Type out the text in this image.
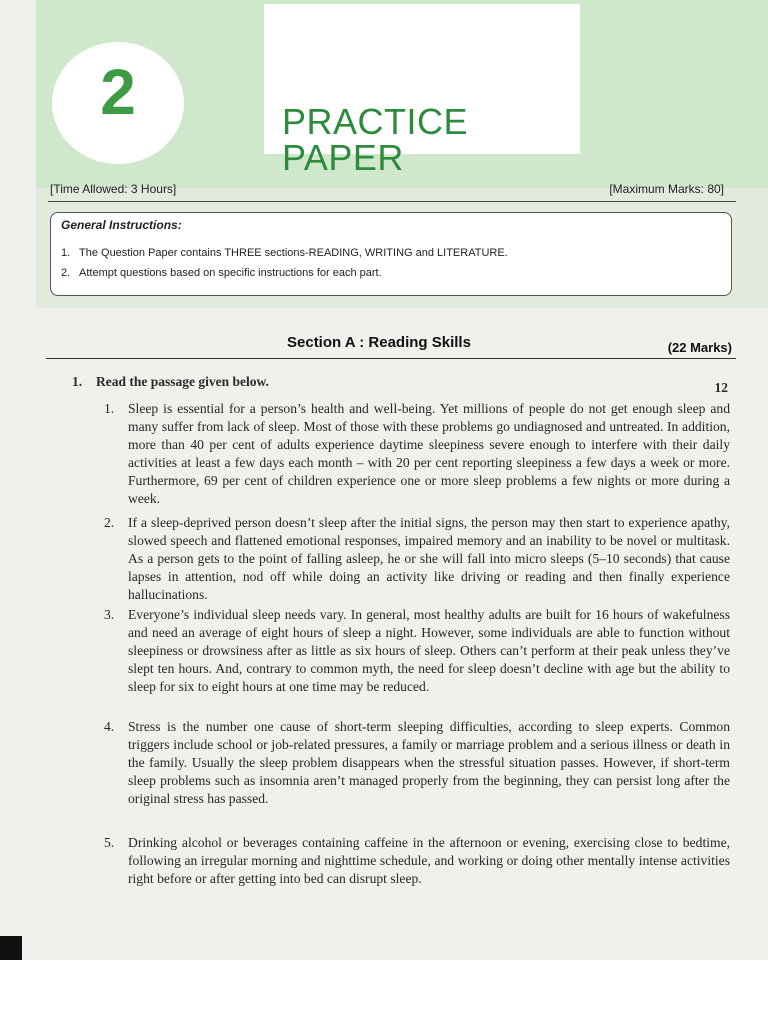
2	PRACTICE PAPER
[Time Allowed: 3 Hours]	[Maximum Marks: 80]
General Instructions:
1. The Question Paper contains THREE sections-READING, WRITING and LITERATURE.
2. Attempt questions based on specific instructions for each part.
Section A : Reading Skills	(22 Marks)
1. Read the passage given below.	12
1.	Sleep is essential for a person’s health and well-being. Yet millions of people do not get enough sleep and many suffer from lack of sleep. Most of those with these problems go undiagnosed and untreated. In addition, more than 40 per cent of adults experience daytime sleepiness severe enough to interfere with their daily activities at least a few days each month – with 20 per cent reporting sleepiness a few days a week or more. Furthermore, 69 per cent of children experience one or more sleep problems a few nights or more during a week.
2.	If a sleep-deprived person doesn’t sleep after the initial signs, the person may then start to experience apathy, slowed speech and flattened emotional responses, impaired memory and an inability to be novel or multitask. As a person gets to the point of falling asleep, he or she will fall into micro sleeps (5–10 seconds) that cause lapses in attention, nod off while doing an activity like driving or reading and then finally experience hallucinations.
3.	Everyone’s individual sleep needs vary. In general, most healthy adults are built for 16 hours of wakefulness and need an average of eight hours of sleep a night. However, some individuals are able to function without sleepiness or drowsiness after as little as six hours of sleep. Others can’t perform at their peak unless they’ve slept ten hours. And, contrary to common myth, the need for sleep doesn’t decline with age but the ability to sleep for six to eight hours at one time may be reduced.
4.	Stress is the number one cause of short-term sleeping difficulties, according to sleep experts. Common triggers include school or job-related pressures, a family or marriage problem and a serious illness or death in the family. Usually the sleep problem disappears when the stressful situation passes. However, if short-term sleep problems such as insomnia aren’t managed properly from the beginning, they can persist long after the original stress has passed.
5.	Drinking alcohol or beverages containing caffeine in the afternoon or evening, exercising close to bedtime, following an irregular morning and nighttime schedule, and working or doing other mentally intense activities right before or after getting into bed can disrupt sleep.
